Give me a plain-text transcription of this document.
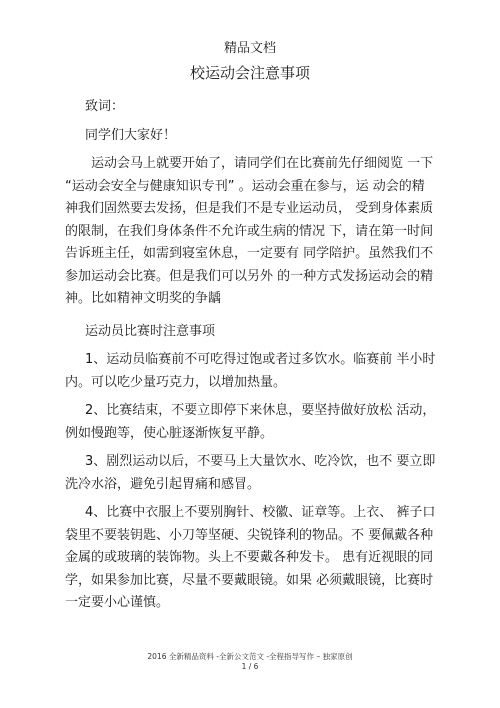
精品文档
校运动会注意事项

致词：

同学们大家好！

运动会马上就要开始了，请同学们在比赛前先仔细阅览 一下 “运动会安全与健康知识专刊” 。运动会重在参与，运 动会的精神我们固然要去发扬，但是我们不是专业运动员， 受到身体素质的限制，在我们身体条件不允许或生病的情况 下，请在第一时间告诉班主任，如需到寝室休息，一定要有 同学陪护。虽然我们不参加运动会比赛。但是我们可以另外 的一种方式发扬运动会的精神。比如精神文明奖的争龋

运动员比赛时注意事项

1、运动员临赛前不可吃得过饱或者过多饮水。临赛前 半小时内。可以吃少量巧克力，以增加热量。

2、比赛结束，不要立即停下来休息，要坚持做好放松 活动，例如慢跑等，使心脏逐渐恢复平静。

3、剧烈运动以后，不要马上大量饮水、吃冷饮，也不 要立即洗冷水浴，避免引起胃痛和感冒。

4、比赛中衣服上不要别胸针、校徽、证章等。上衣、 裤子口袋里不要装钥匙、小刀等坚硬、尖锐锋利的物品。不 要佩戴各种金属的或玻璃的装饰物。头上不要戴各种发卡。 患有近视眼的同学，如果参加比赛，尽量不要戴眼镜。如果 必须戴眼镜，比赛时一定要小心谨慎。

2016 全新精品资料 -全新公文范文 -全程指导写作 – 独家原创
1 / 6
